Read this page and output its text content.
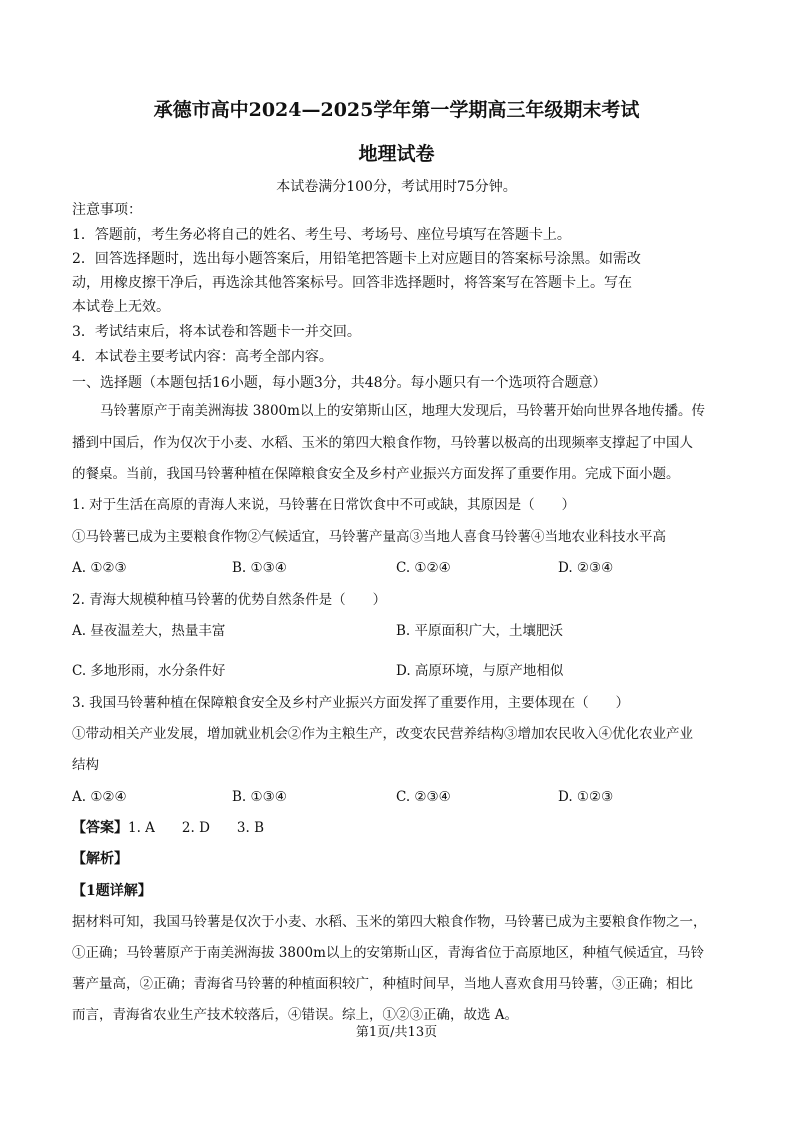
承德市高中2024—2025学年第一学期高三年级期末考试
地理试卷
本试卷满分100分，考试用时75分钟。
注意事项：
1．答题前，考生务必将自己的姓名、考生号、考场号、座位号填写在答题卡上。
2．回答选择题时，选出每小题答案后，用铅笔把答题卡上对应题目的答案标号涂黑。如需改
动，用橡皮擦干净后，再选涂其他答案标号。回答非选择题时，将答案写在答题卡上。写在
本试卷上无效。
3．考试结束后，将本试卷和答题卡一并交回。
4．本试卷主要考试内容：高考全部内容。
一、选择题（本题包括16小题，每小题3分，共48分。每小题只有一个选项符合题意）
马铃薯原产于南美洲海拔 3800m以上的安第斯山区，地理大发现后，马铃薯开始向世界各地传播。传
播到中国后，作为仅次于小麦、水稻、玉米的第四大粮食作物，马铃薯以极高的出现频率支撑起了中国人
的餐桌。当前，我国马铃薯种植在保障粮食安全及乡村产业振兴方面发挥了重要作用。完成下面小题。
1. 对于生活在高原的青海人来说，马铃薯在日常饮食中不可或缺，其原因是（　　）
①马铃薯已成为主要粮食作物②气候适宜，马铃薯产量高③当地人喜食马铃薯④当地农业科技水平高
A. ①②③	B. ①③④	C. ①②④	D. ②③④
2. 青海大规模种植马铃薯的优势自然条件是（　　）
A. 昼夜温差大，热量丰富	B. 平原面积广大，土壤肥沃
C. 多地形雨，水分条件好	D. 高原环境，与原产地相似
3. 我国马铃薯种植在保障粮食安全及乡村产业振兴方面发挥了重要作用，主要体现在（　　）
①带动相关产业发展，增加就业机会②作为主粮生产，改变农民营养结构③增加农民收入④优化农业产业
结构
A. ①②④	B. ①③④	C. ②③④	D. ①②③
【答案】1. A　　2. D　　3. B
【解析】
【1题详解】
据材料可知，我国马铃薯是仅次于小麦、水稻、玉米的第四大粮食作物，马铃薯已成为主要粮食作物之一，
①正确；马铃薯原产于南美洲海拔 3800m以上的安第斯山区，青海省位于高原地区，种植气候适宜，马铃
薯产量高，②正确；青海省马铃薯的种植面积较广，种植时间早，当地人喜欢食用马铃薯，③正确；相比
而言，青海省农业生产技术较落后，④错误。综上，①②③正确，故选 A。
第1页/共13页
